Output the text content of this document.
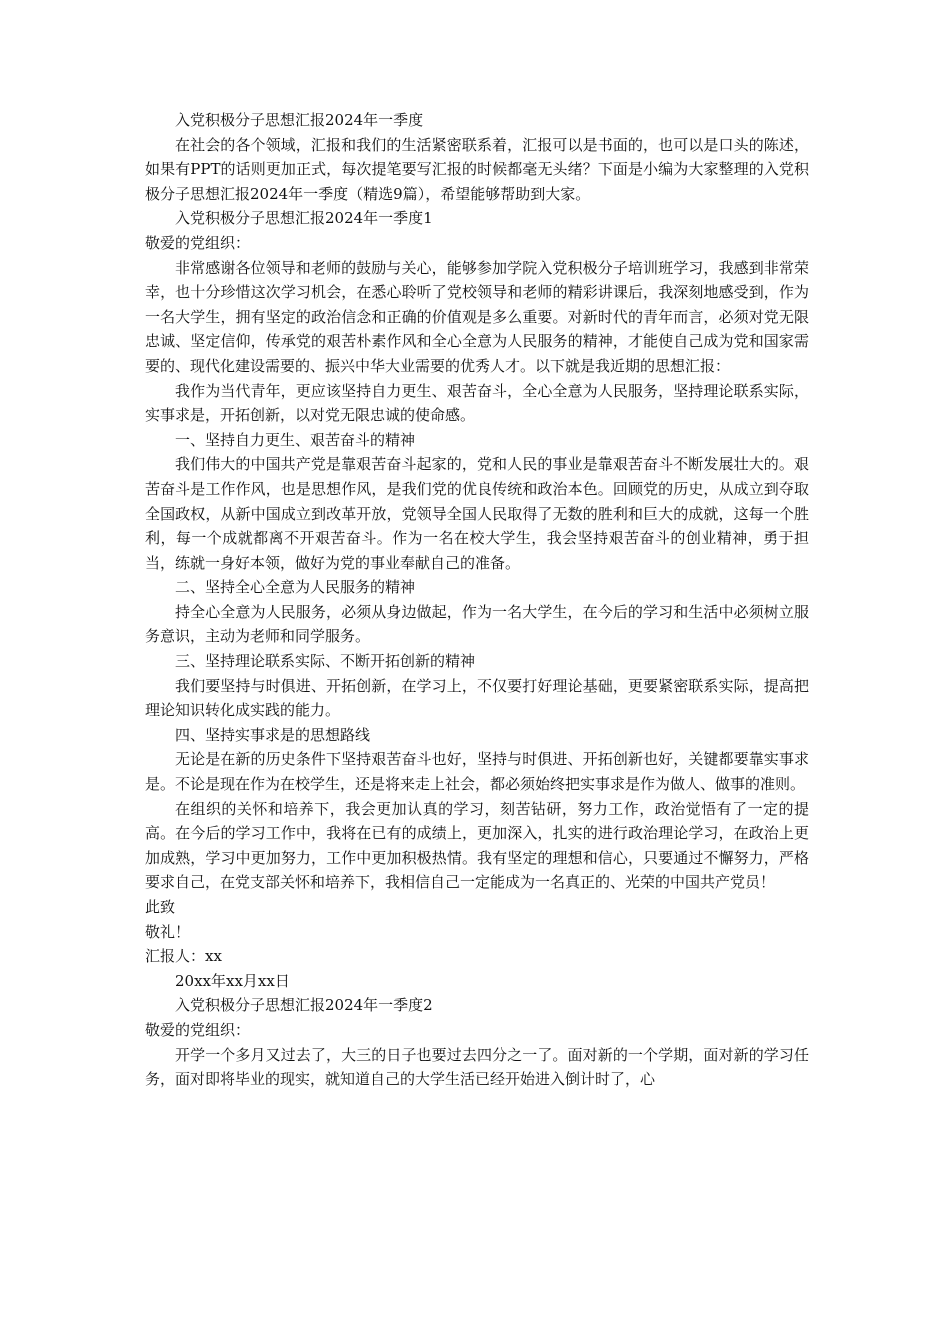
入党积极分子思想汇报2024年一季度

在社会的各个领域，汇报和我们的生活紧密联系着，汇报可以是书面的，也可以是口头的陈述，如果有PPT的话则更加正式，每次提笔要写汇报的时候都毫无头绪？下面是小编为大家整理的入党积极分子思想汇报2024年一季度（精选9篇），希望能够帮助到大家。

入党积极分子思想汇报2024年一季度1

敬爱的党组织：

非常感谢各位领导和老师的鼓励与关心，能够参加学院入党积极分子培训班学习，我感到非常荣幸，也十分珍惜这次学习机会，在悉心聆听了党校领导和老师的精彩讲课后，我深刻地感受到，作为一名大学生，拥有坚定的政治信念和正确的价值观是多么重要。对新时代的青年而言，必须对党无限忠诚、坚定信仰，传承党的艰苦朴素作风和全心全意为人民服务的精神，才能使自己成为党和国家需要的、现代化建设需要的、振兴中华大业需要的优秀人才。以下就是我近期的思想汇报：

我作为当代青年，更应该坚持自力更生、艰苦奋斗，全心全意为人民服务，坚持理论联系实际，实事求是，开拓创新，以对党无限忠诚的使命感。

一、坚持自力更生、艰苦奋斗的精神

我们伟大的中国共产党是靠艰苦奋斗起家的，党和人民的事业是靠艰苦奋斗不断发展壮大的。艰苦奋斗是工作作风，也是思想作风，是我们党的优良传统和政治本色。回顾党的历史，从成立到夺取全国政权，从新中国成立到改革开放，党领导全国人民取得了无数的胜利和巨大的成就，这每一个胜利，每一个成就都离不开艰苦奋斗。作为一名在校大学生，我会坚持艰苦奋斗的创业精神，勇于担当，练就一身好本领，做好为党的事业奉献自己的准备。

二、坚持全心全意为人民服务的精神

持全心全意为人民服务，必须从身边做起，作为一名大学生，在今后的学习和生活中必须树立服务意识，主动为老师和同学服务。

三、坚持理论联系实际、不断开拓创新的精神

我们要坚持与时俱进、开拓创新，在学习上，不仅要打好理论基础，更要紧密联系实际，提高把理论知识转化成实践的能力。

四、坚持实事求是的思想路线

无论是在新的历史条件下坚持艰苦奋斗也好，坚持与时俱进、开拓创新也好，关键都要靠实事求是。不论是现在作为在校学生，还是将来走上社会，都必须始终把实事求是作为做人、做事的准则。

在组织的关怀和培养下，我会更加认真的学习，刻苦钻研，努力工作，政治觉悟有了一定的提高。在今后的学习工作中，我将在已有的成绩上，更加深入，扎实的进行政治理论学习，在政治上更加成熟，学习中更加努力，工作中更加积极热情。我有坚定的理想和信心，只要通过不懈努力，严格要求自己，在党支部关怀和培养下，我相信自己一定能成为一名真正的、光荣的中国共产党员！

此致

敬礼！

汇报人：xx

20xx年xx月xx日

入党积极分子思想汇报2024年一季度2

敬爱的党组织：

开学一个多月又过去了，大三的日子也要过去四分之一了。面对新的一个学期，面对新的学习任务，面对即将毕业的现实，就知道自己的大学生活已经开始进入倒计时了，心
